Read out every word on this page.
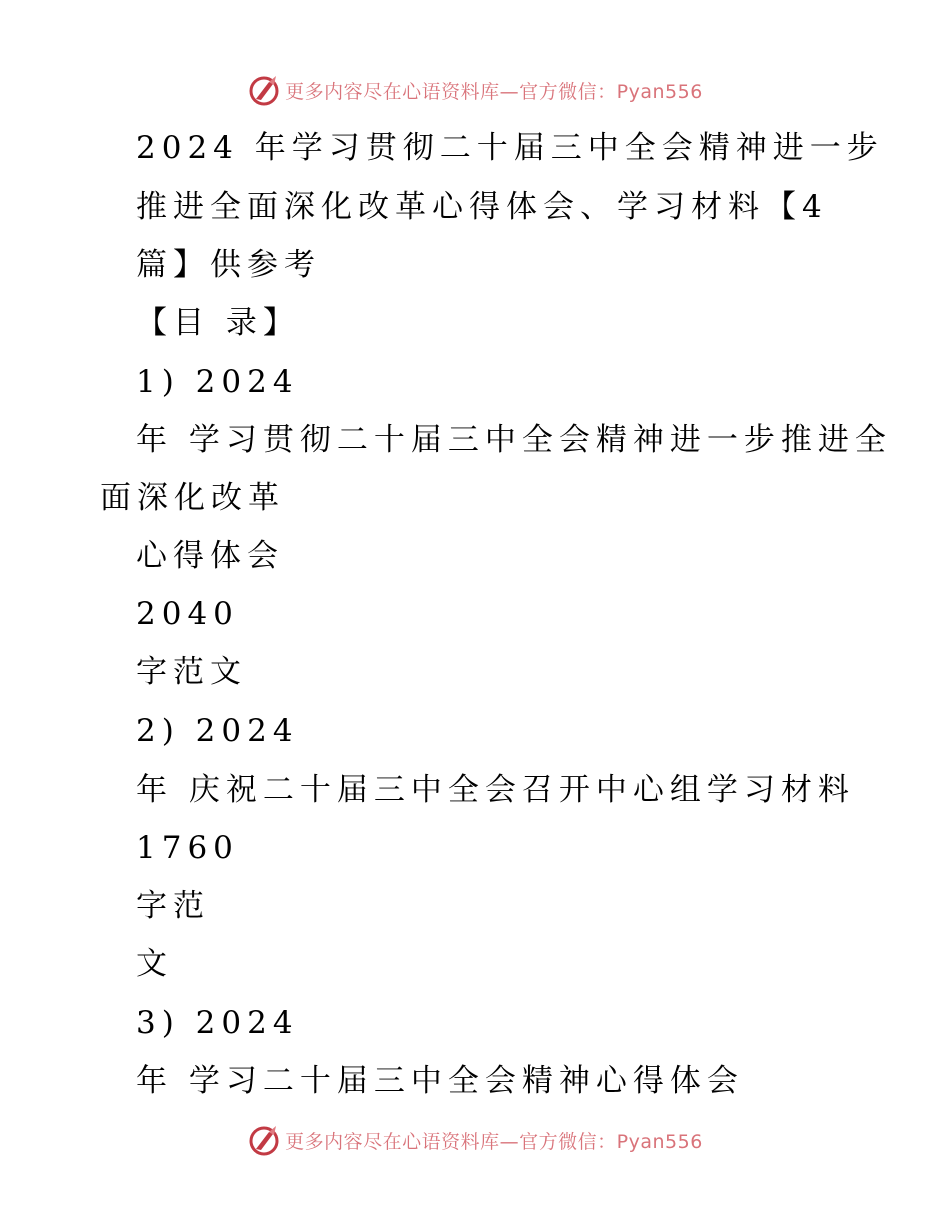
更多内容尽在心语资料库—官方微信：Pyan556
2024 年学习贯彻二十届三中全会精神进一步
推进全面深化改革心得体会、学习材料【4
篇】供参考
【目 录】
1) 2024
年 学习贯彻二十届三中全会精神进一步推进全
面深化改革
心得体会
2040
字范文
2) 2024
年 庆祝二十届三中全会召开中心组学习材料
1760
字范
文
3) 2024
年 学习二十届三中全会精神心得体会
更多内容尽在心语资料库—官方微信：Pyan556
